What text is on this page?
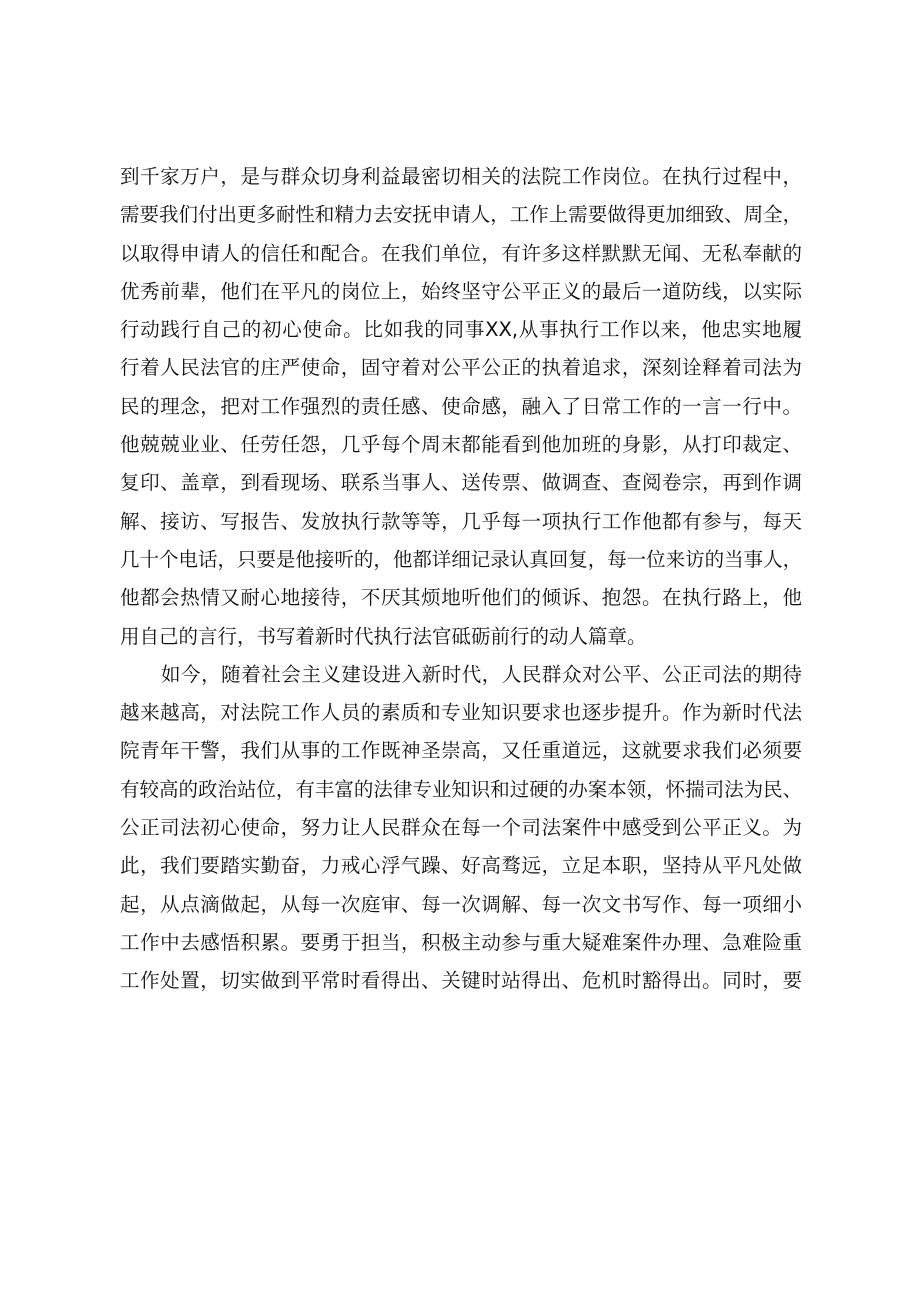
到千家万户，是与群众切身利益最密切相关的法院工作岗位。在执行过程中，
需要我们付出更多耐性和精力去安抚申请人，工作上需要做得更加细致、周全，
以取得申请人的信任和配合。在我们单位，有许多这样默默无闻、无私奉献的
优秀前辈，他们在平凡的岗位上，始终坚守公平正义的最后一道防线，以实际
行动践行自己的初心使命。比如我的同事XX,从事执行工作以来，他忠实地履
行着人民法官的庄严使命，固守着对公平公正的执着追求，深刻诠释着司法为
民的理念，把对工作强烈的责任感、使命感，融入了日常工作的一言一行中。
他兢兢业业、任劳任怨，几乎每个周末都能看到他加班的身影，从打印裁定、
复印、盖章，到看现场、联系当事人、送传票、做调查、查阅卷宗，再到作调
解、接访、写报告、发放执行款等等，几乎每一项执行工作他都有参与，每天
几十个电话，只要是他接听的，他都详细记录认真回复，每一位来访的当事人，
他都会热情又耐心地接待，不厌其烦地听他们的倾诉、抱怨。在执行路上，他
用自己的言行，书写着新时代执行法官砥砺前行的动人篇章。
如今，随着社会主义建设进入新时代，人民群众对公平、公正司法的期待
越来越高，对法院工作人员的素质和专业知识要求也逐步提升。作为新时代法
院青年干警，我们从事的工作既神圣崇高，又任重道远，这就要求我们必须要
有较高的政治站位，有丰富的法律专业知识和过硬的办案本领，怀揣司法为民、
公正司法初心使命，努力让人民群众在每一个司法案件中感受到公平正义。为
此，我们要踏实勤奋，力戒心浮气躁、好高骛远，立足本职，坚持从平凡处做
起，从点滴做起，从每一次庭审、每一次调解、每一次文书写作、每一项细小
工作中去感悟积累。要勇于担当，积极主动参与重大疑难案件办理、急难险重
工作处置，切实做到平常时看得出、关键时站得出、危机时豁得出。同时，要
